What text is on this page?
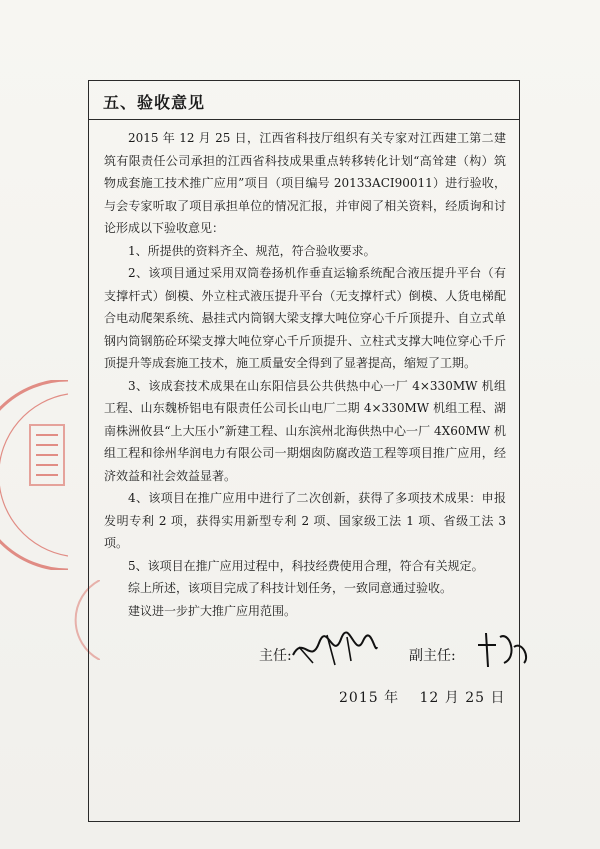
五、验收意见

2015 年 12 月 25 日，江西省科技厅组织有关专家对江西建工第二建筑有限责任公司承担的江西省科技成果重点转移转化计划“高耸建（构）筑物成套施工技术推广应用”项目（项目编号 20133ACI90011）进行验收，与会专家听取了项目承担单位的情况汇报，并审阅了相关资料，经质询和讨论形成以下验收意见：

1、所提供的资料齐全、规范，符合验收要求。

2、该项目通过采用双筒卷扬机作垂直运输系统配合液压提升平台（有支撑杆式）倒模、外立柱式液压提升平台（无支撑杆式）倒模、人货电梯配合电动爬架系统、悬挂式内筒钢大梁支撑大吨位穿心千斤顶提升、自立式单钢内筒钢筋砼环梁支撑大吨位穿心千斤顶提升、立柱式支撑大吨位穿心千斤顶提升等成套施工技术，施工质量安全得到了显著提高，缩短了工期。

3、该成套技术成果在山东阳信县公共供热中心一厂 4×330MW 机组工程、山东魏桥铝电有限责任公司长山电厂二期 4×330MW 机组工程、湖南株洲攸县“上大压小”新建工程、山东滨州北海供热中心一厂 4X60MW 机组工程和徐州华润电力有限公司一期烟囱防腐改造工程等项目推广应用，经济效益和社会效益显著。

4、该项目在推广应用中进行了二次创新，获得了多项技术成果：申报发明专利 2 项，获得实用新型专利 2 项、国家级工法 1 项、省级工法 3 项。

5、该项目在推广应用过程中，科技经费使用合理，符合有关规定。

综上所述，该项目完成了科技计划任务，一致同意通过验收。

建议进一步扩大推广应用范围。

主任:	副主任:
2015 年　 12 月 25 日
